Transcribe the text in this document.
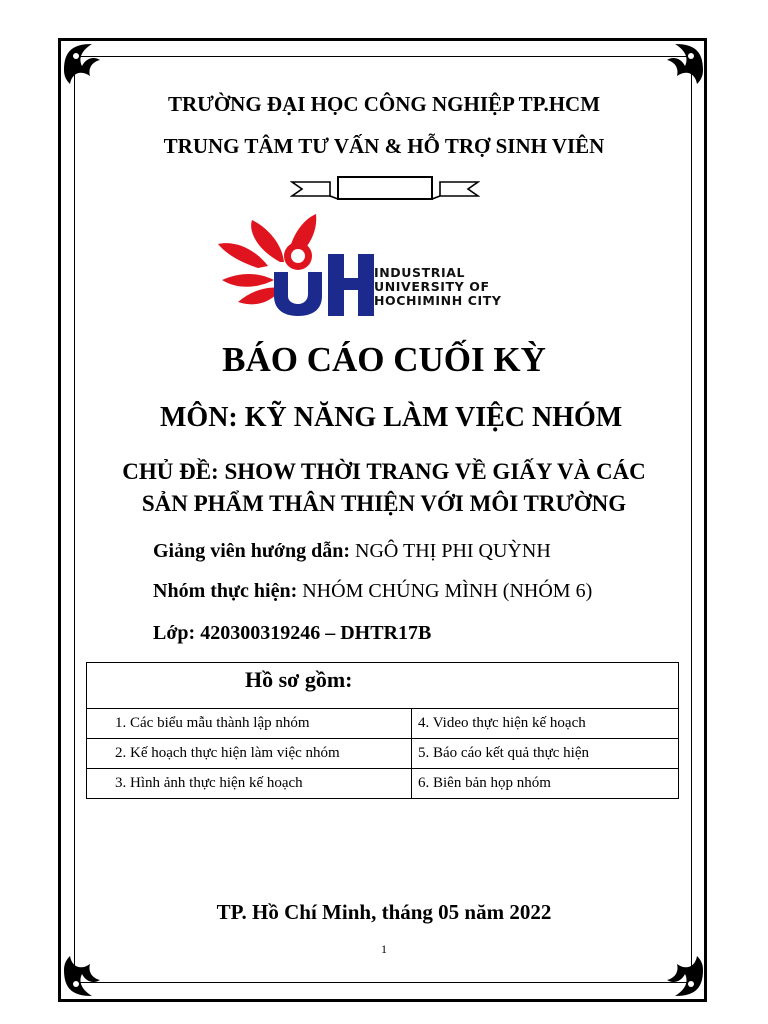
TRƯỜNG ĐẠI HỌC CÔNG NGHIỆP TP.HCM
TRUNG TÂM TƯ VẤN & HỖ TRỢ SINH VIÊN
INDUSTRIAL
UNIVERSITY OF
HOCHIMINH CITY
BÁO CÁO CUỐI KỲ
MÔN: KỸ NĂNG LÀM VIỆC NHÓM
CHỦ ĐỀ: SHOW THỜI TRANG VỀ GIẤY VÀ CÁC
SẢN PHẨM THÂN THIỆN VỚI MÔI TRƯỜNG
Giảng viên hướng dẫn: NGÔ THỊ PHI QUỲNH
Nhóm thực hiện: NHÓM CHÚNG MÌNH (NHÓM 6)
Lớp: 420300319246 – DHTR17B
Hồ sơ gồm:	
1. Các biểu mẫu thành lập nhóm	4. Video thực hiện kế hoạch
2. Kế hoạch thực hiện làm việc nhóm	5. Báo cáo kết quả thực hiện
3. Hình ảnh thực hiện kế hoạch	6. Biên bản họp nhóm
TP. Hồ Chí Minh, tháng 05 năm 2022
1
